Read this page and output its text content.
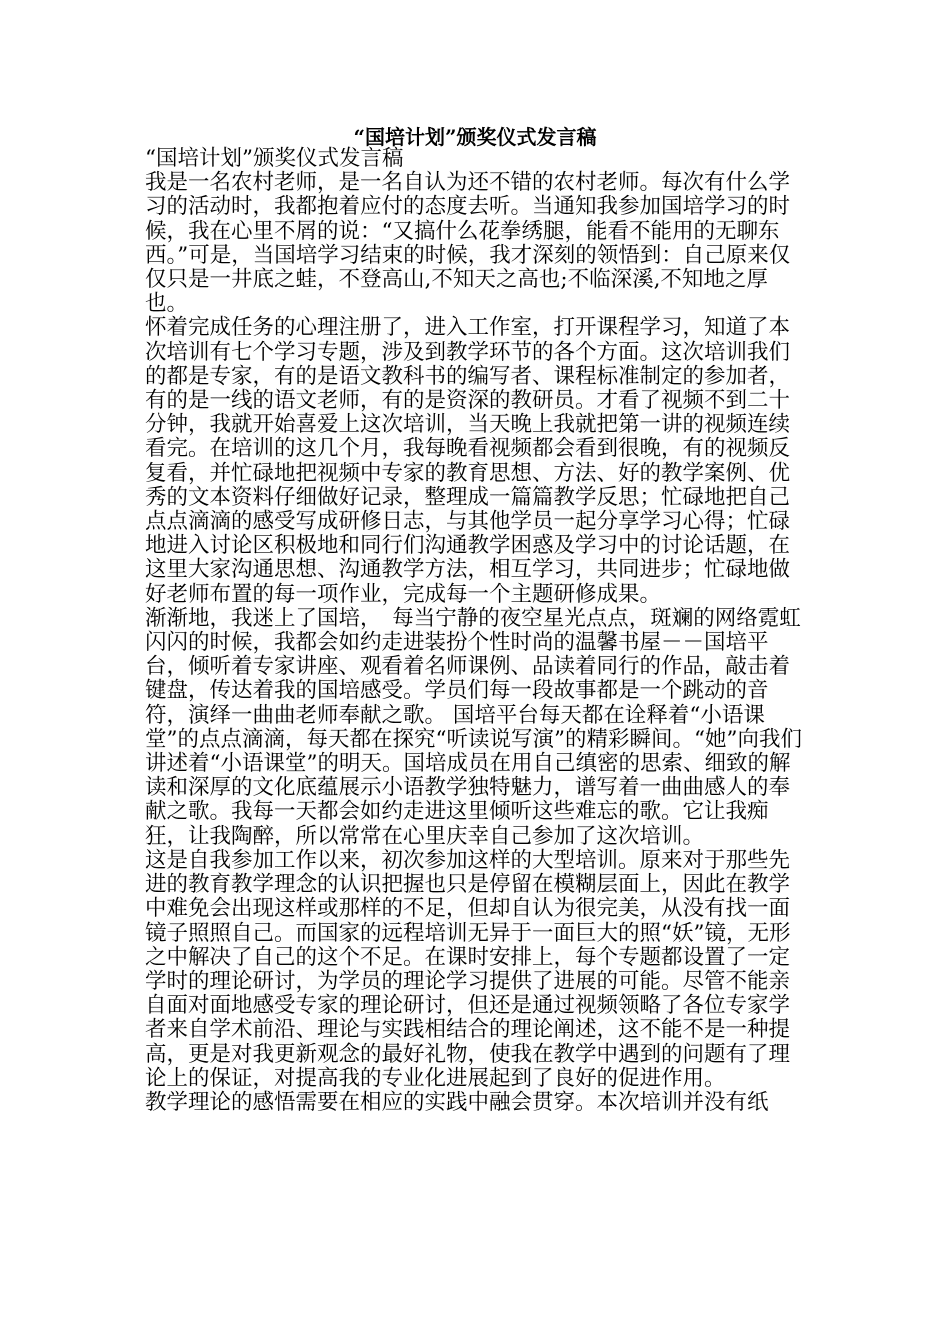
“国培计划”颁奖仪式发言稿

“国培计划”颁奖仪式发言稿

我是一名农村老师，是一名自认为还不错的农村老师。每次有什么学习的活动时，我都抱着应付的态度去听。当通知我参加国培学习的时候，我在心里不屑的说：“又搞什么花拳绣腿，能看不能用的无聊东西。”可是，当国培学习结束的时候，我才深刻的领悟到：自己原来仅仅只是一井底之蛙，不登高山,不知天之高也;不临深溪,不知地之厚也。

怀着完成任务的心理注册了，进入工作室，打开课程学习，知道了本次培训有七个学习专题，涉及到教学环节的各个方面。这次培训我们的都是专家，有的是语文教科书的编写者、课程标准制定的参加者，有的是一线的语文老师，有的是资深的教研员。才看了视频不到二十分钟，我就开始喜爱上这次培训，当天晚上我就把第一讲的视频连续看完。在培训的这几个月，我每晚看视频都会看到很晚，有的视频反复看，并忙碌地把视频中专家的教育思想、方法、好的教学案例、优秀的文本资料仔细做好记录，整理成一篇篇教学反思；忙碌地把自己点点滴滴的感受写成研修日志，与其他学员一起分享学习心得；忙碌地进入讨论区积极地和同行们沟通教学困惑及学习中的讨论话题，在这里大家沟通思想、沟通教学方法，相互学习，共同进步；忙碌地做好老师布置的每一项作业，完成每一个主题研修成果。

渐渐地，我迷上了国培，　每当宁静的夜空星光点点，斑斓的网络霓虹闪闪的时候，我都会如约走进装扮个性时尚的温馨书屋－－国培平台，倾听着专家讲座、观看着名师课例、品读着同行的作品，敲击着键盘，传达着我的国培感受。学员们每一段故事都是一个跳动的音符，演绎一曲曲老师奉献之歌。 国培平台每天都在诠释着“小语课堂”的点点滴滴，每天都在探究“听读说写演”的精彩瞬间。“她”向我们讲述着“小语课堂”的明天。国培成员在用自己缜密的思索、细致的解读和深厚的文化底蕴展示小语教学独特魅力，谱写着一曲曲感人的奉献之歌。我每一天都会如约走进这里倾听这些难忘的歌。它让我痴狂，让我陶醉，所以常常在心里庆幸自己参加了这次培训。

这是自我参加工作以来，初次参加这样的大型培训。原来对于那些先进的教育教学理念的认识把握也只是停留在模糊层面上，因此在教学中难免会出现这样或那样的不足，但却自认为很完美，从没有找一面镜子照照自己。而国家的远程培训无异于一面巨大的照“妖”镜，无形之中解决了自己的这个不足。在课时安排上，每个专题都设置了一定学时的理论研讨，为学员的理论学习提供了进展的可能。尽管不能亲自面对面地感受专家的理论研讨，但还是通过视频领略了各位专家学者来自学术前沿、理论与实践相结合的理论阐述，这不能不是一种提高，更是对我更新观念的最好礼物，使我在教学中遇到的问题有了理论上的保证，对提高我的专业化进展起到了良好的促进作用。

教学理论的感悟需要在相应的实践中融会贯穿。本次培训并没有纸
